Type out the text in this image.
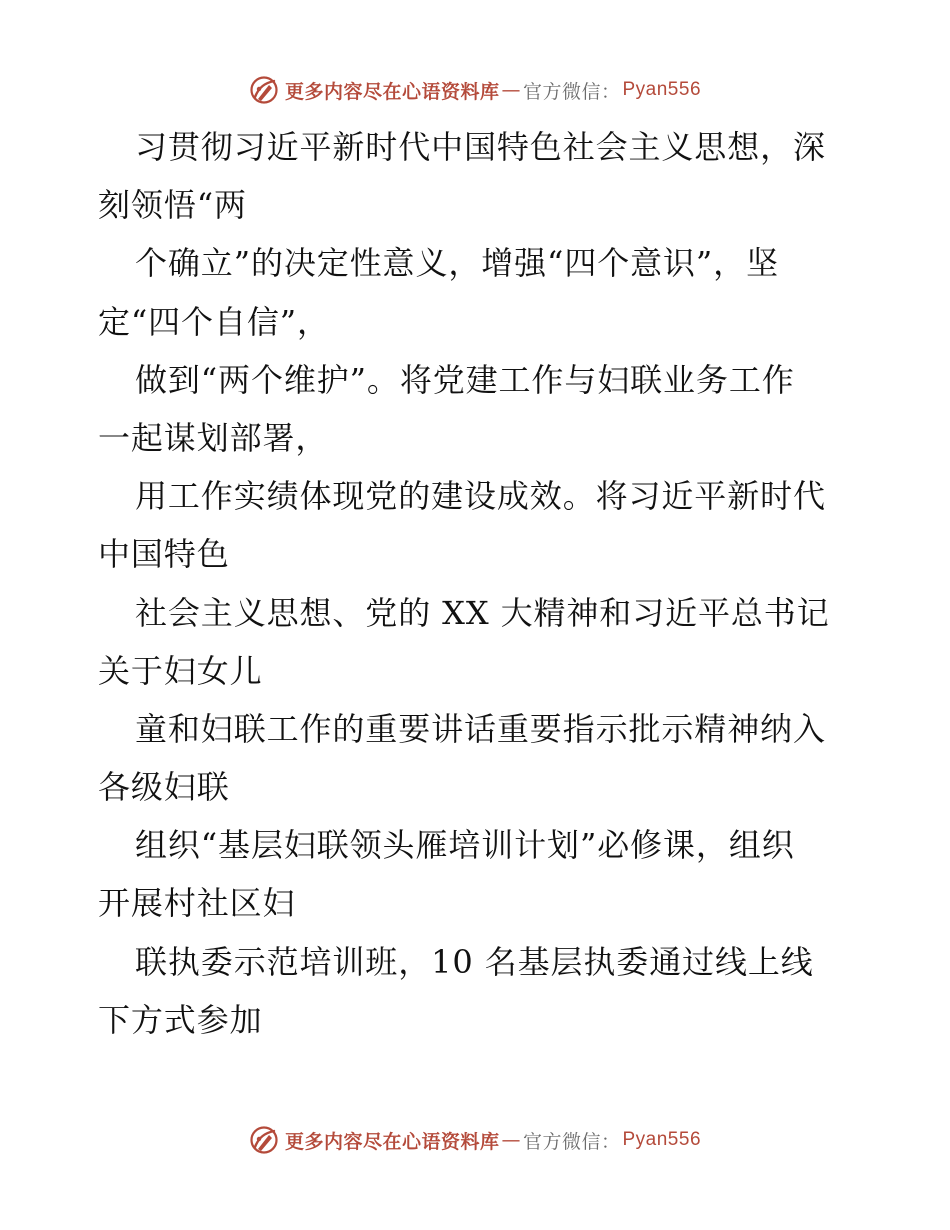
更多内容尽在心语资料库 — 官方微信： Pyan556
习贯彻习近平新时代中国特色社会主义思想，深
刻领悟“两
个确立”的决定性意义，增强“四个意识”，坚
定“四个自信”，
做到“两个维护”。将党建工作与妇联业务工作
一起谋划部署，
用工作实绩体现党的建设成效。将习近平新时代
中国特色
社会主义思想、党的 XX 大精神和习近平总书记
关于妇女儿
童和妇联工作的重要讲话重要指示批示精神纳入
各级妇联
组织“基层妇联领头雁培训计划”必修课，组织
开展村社区妇
联执委示范培训班，10 名基层执委通过线上线
下方式参加
更多内容尽在心语资料库 — 官方微信： Pyan556
